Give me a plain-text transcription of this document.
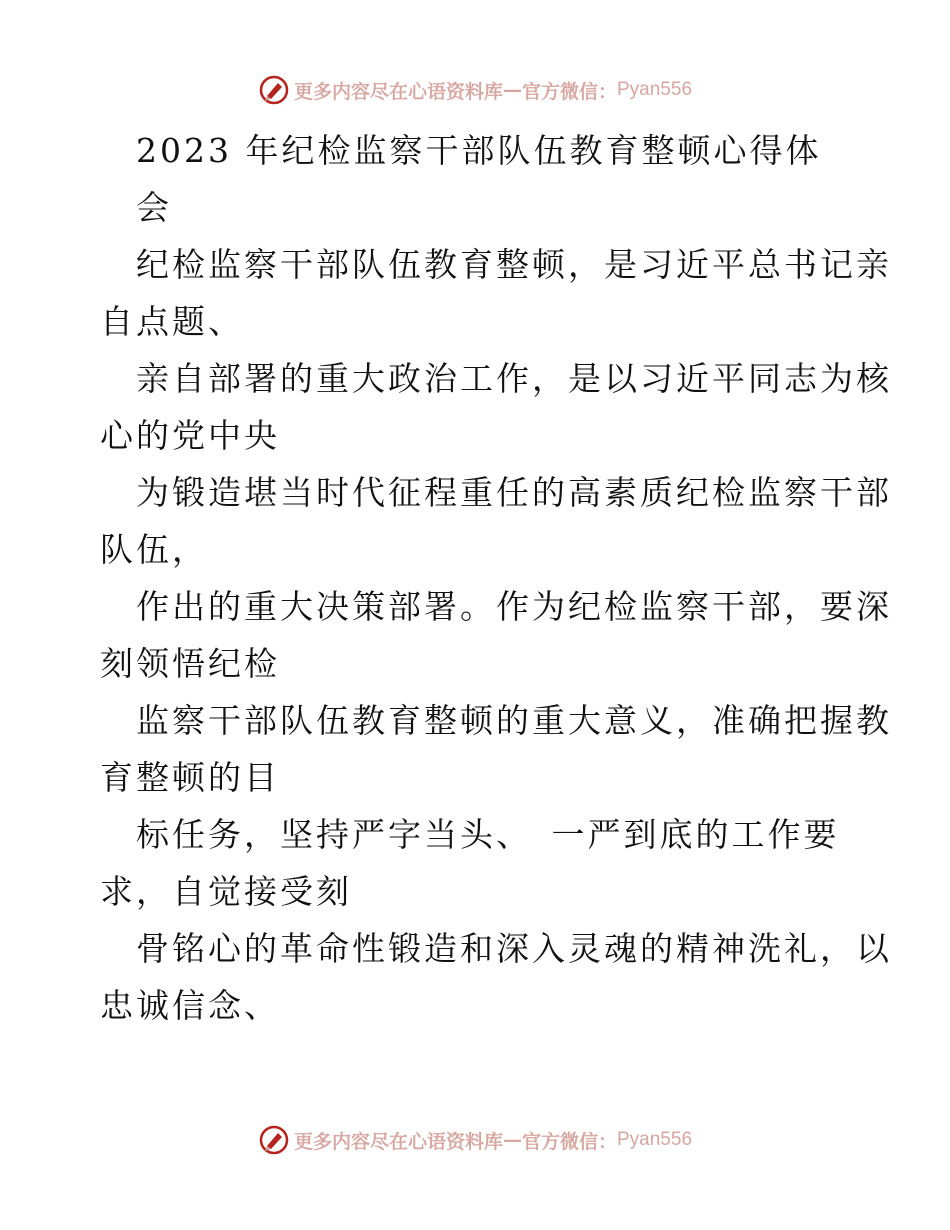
更多内容尽在心语资料库 — 官方微信： Pyan556
2023 年纪检监察干部队伍教育整顿心得体
会
纪检监察干部队伍教育整顿，是习近平总书记亲
自点题、
亲自部署的重大政治工作，是以习近平同志为核
心的党中央
为锻造堪当时代征程重任的高素质纪检监察干部
队伍，
作出的重大决策部署。作为纪检监察干部，要深
刻领悟纪检
监察干部队伍教育整顿的重大意义，准确把握教
育整顿的目
标任务，坚持严字当头、　一严到底的工作要
求，自觉接受刻
骨铭心的革命性锻造和深入灵魂的精神洗礼，以
忠诚信念、
更多内容尽在心语资料库 — 官方微信： Pyan556
